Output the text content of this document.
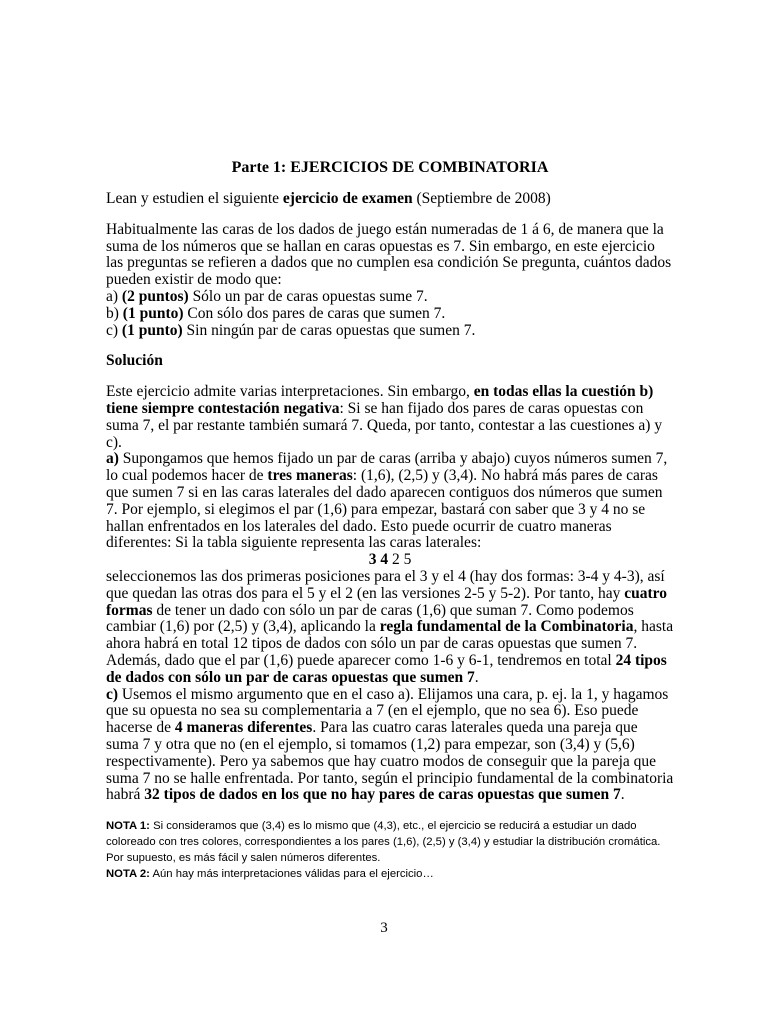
Parte 1: EJERCICIOS DE COMBINATORIA

Lean y estudien el siguiente ejercicio de examen (Septiembre de 2008)

Habitualmente las caras de los dados de juego están numeradas de 1 á 6, de manera que la suma de los números que se hallan en caras opuestas es 7. Sin embargo, en este ejercicio las preguntas se refieren a dados que no cumplen esa condición Se pregunta, cuántos dados pueden existir de modo que:
a) (2 puntos) Sólo un par de caras opuestas sume 7.
b) (1 punto) Con sólo dos pares de caras que sumen 7.
c) (1 punto) Sin ningún par de caras opuestas que sumen 7.

Solución

Este ejercicio admite varias interpretaciones. Sin embargo, en todas ellas la cuestión b) tiene siempre contestación negativa: Si se han fijado dos pares de caras opuestas con suma 7, el par restante también sumará 7. Queda, por tanto, contestar a las cuestiones a) y c).
a) Supongamos que hemos fijado un par de caras (arriba y abajo) cuyos números sumen 7, lo cual podemos hacer de tres maneras: (1,6), (2,5) y (3,4). No habrá más pares de caras que sumen 7 si en las caras laterales del dado aparecen contiguos dos números que sumen 7. Por ejemplo, si elegimos el par (1,6) para empezar, bastará con saber que 3 y 4 no se hallan enfrentados en los laterales del dado. Esto puede ocurrir de cuatro maneras diferentes: Si la tabla siguiente representa las caras laterales:

3 4 2 5

seleccionemos las dos primeras posiciones para el 3 y el 4 (hay dos formas: 3-4 y 4-3), así que quedan las otras dos para el 5 y el 2 (en las versiones 2-5 y 5-2). Por tanto, hay cuatro formas de tener un dado con sólo un par de caras (1,6) que suman 7. Como podemos cambiar (1,6) por (2,5) y (3,4), aplicando la regla fundamental de la Combinatoria, hasta ahora habrá en total 12 tipos de dados con sólo un par de caras opuestas que sumen 7. Además, dado que el par (1,6) puede aparecer como 1-6 y 6-1, tendremos en total 24 tipos de dados con sólo un par de caras opuestas que sumen 7.
c) Usemos el mismo argumento que en el caso a). Elijamos una cara, p. ej. la 1, y hagamos que su opuesta no sea su complementaria a 7 (en el ejemplo, que no sea 6). Eso puede hacerse de 4 maneras diferentes. Para las cuatro caras laterales queda una pareja que suma 7 y otra que no (en el ejemplo, si tomamos (1,2) para empezar, son (3,4) y (5,6) respectivamente). Pero ya sabemos que hay cuatro modos de conseguir que la pareja que suma 7 no se halle enfrentada. Por tanto, según el principio fundamental de la combinatoria habrá 32 tipos de dados en los que no hay pares de caras opuestas que sumen 7.

NOTA 1: Si consideramos que (3,4) es lo mismo que (4,3), etc., el ejercicio se reducirá a estudiar un dado coloreado con tres colores, correspondientes a los pares (1,6), (2,5) y (3,4) y estudiar la distribución cromática. Por supuesto, es más fácil y salen números diferentes.
NOTA 2: Aún hay más interpretaciones válidas para el ejercicio…

3
